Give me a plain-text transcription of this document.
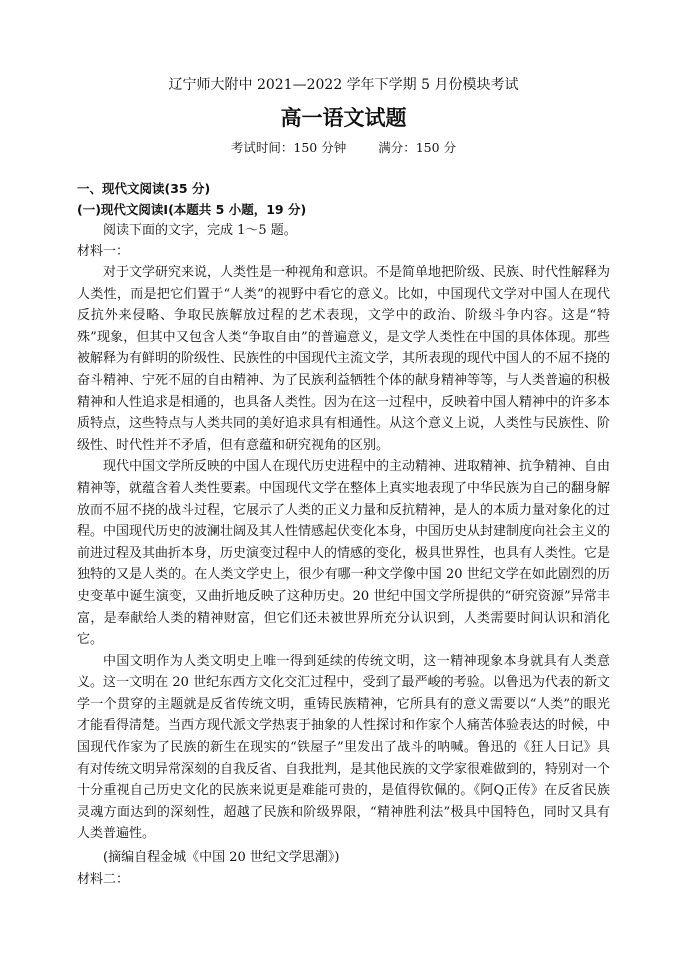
辽宁师大附中 2021—2022 学年下学期 5 月份模块考试

高一语文试题

考试时间：150 分钟	满分：150 分

一、现代文阅读(35 分)

(一)现代文阅读Ⅰ(本题共 5 小题，19 分)

阅读下面的文字，完成 1～5 题。

材料一：

对于文学研究来说，人类性是一种视角和意识。不是简单地把阶级、民族、时代性解释为人类性，而是把它们置于“人类”的视野中看它的意义。比如，中国现代文学对中国人在现代反抗外来侵略、争取民族解放过程的艺术表现，文学中的政治、阶级斗争内容。这是“特殊”现象，但其中又包含人类“争取自由”的普遍意义，是文学人类性在中国的具体体现。那些被解释为有鲜明的阶级性、民族性的中国现代主流文学，其所表现的现代中国人的不屈不挠的奋斗精神、宁死不屈的自由精神、为了民族利益牺牲个体的献身精神等等，与人类普遍的积极精神和人性追求是相通的，也具备人类性。因为在这一过程中，反映着中国人精神中的许多本质特点，这些特点与人类共同的美好追求具有相通性。从这个意义上说，人类性与民族性、阶级性、时代性并不矛盾，但有意蕴和研究视角的区别。

现代中国文学所反映的中国人在现代历史进程中的主动精神、进取精神、抗争精神、自由精神等，就蕴含着人类性要素。中国现代文学在整体上真实地表现了中华民族为自己的翻身解放而不屈不挠的战斗过程，它展示了人类的正义力量和反抗精神，是人的本质力量对象化的过程。中国现代历史的波澜壮阔及其人性情感起伏变化本身，中国历史从封建制度向社会主义的前进过程及其曲折本身，历史演变过程中人的情感的变化，极具世界性，也具有人类性。它是独特的又是人类的。在人类文学史上，很少有哪一种文学像中国 20 世纪文学在如此剧烈的历史变革中诞生演变，又曲折地反映了这种历史。20 世纪中国文学所提供的“研究资源”异常丰富，是奉献给人类的精神财富，但它们还未被世界所充分认识到，人类需要时间认识和消化它。

中国文明作为人类文明史上唯一得到延续的传统文明，这一精神现象本身就具有人类意义。这一文明在 20 世纪东西方文化交汇过程中，受到了最严峻的考验。以鲁迅为代表的新文学一个贯穿的主题就是反省传统文明，重铸民族精神，它所具有的意义需要以“人类”的眼光才能看得清楚。当西方现代派文学热衷于抽象的人性探讨和作家个人痛苦体验表达的时候，中国现代作家为了民族的新生在现实的“铁屋子”里发出了战斗的呐喊。鲁迅的《狂人日记》具有对传统文明异常深刻的自我反省、自我批判，是其他民族的文学家很难做到的，特别对一个十分重视自己历史文化的民族来说更是难能可贵的，是值得钦佩的。《阿Q正传》在反省民族灵魂方面达到的深刻性，超越了民族和阶级界限，“精神胜利法”极具中国特色，同时又具有人类普遍性。

(摘编自程金城《中国 20 世纪文学思潮》)

材料二：
